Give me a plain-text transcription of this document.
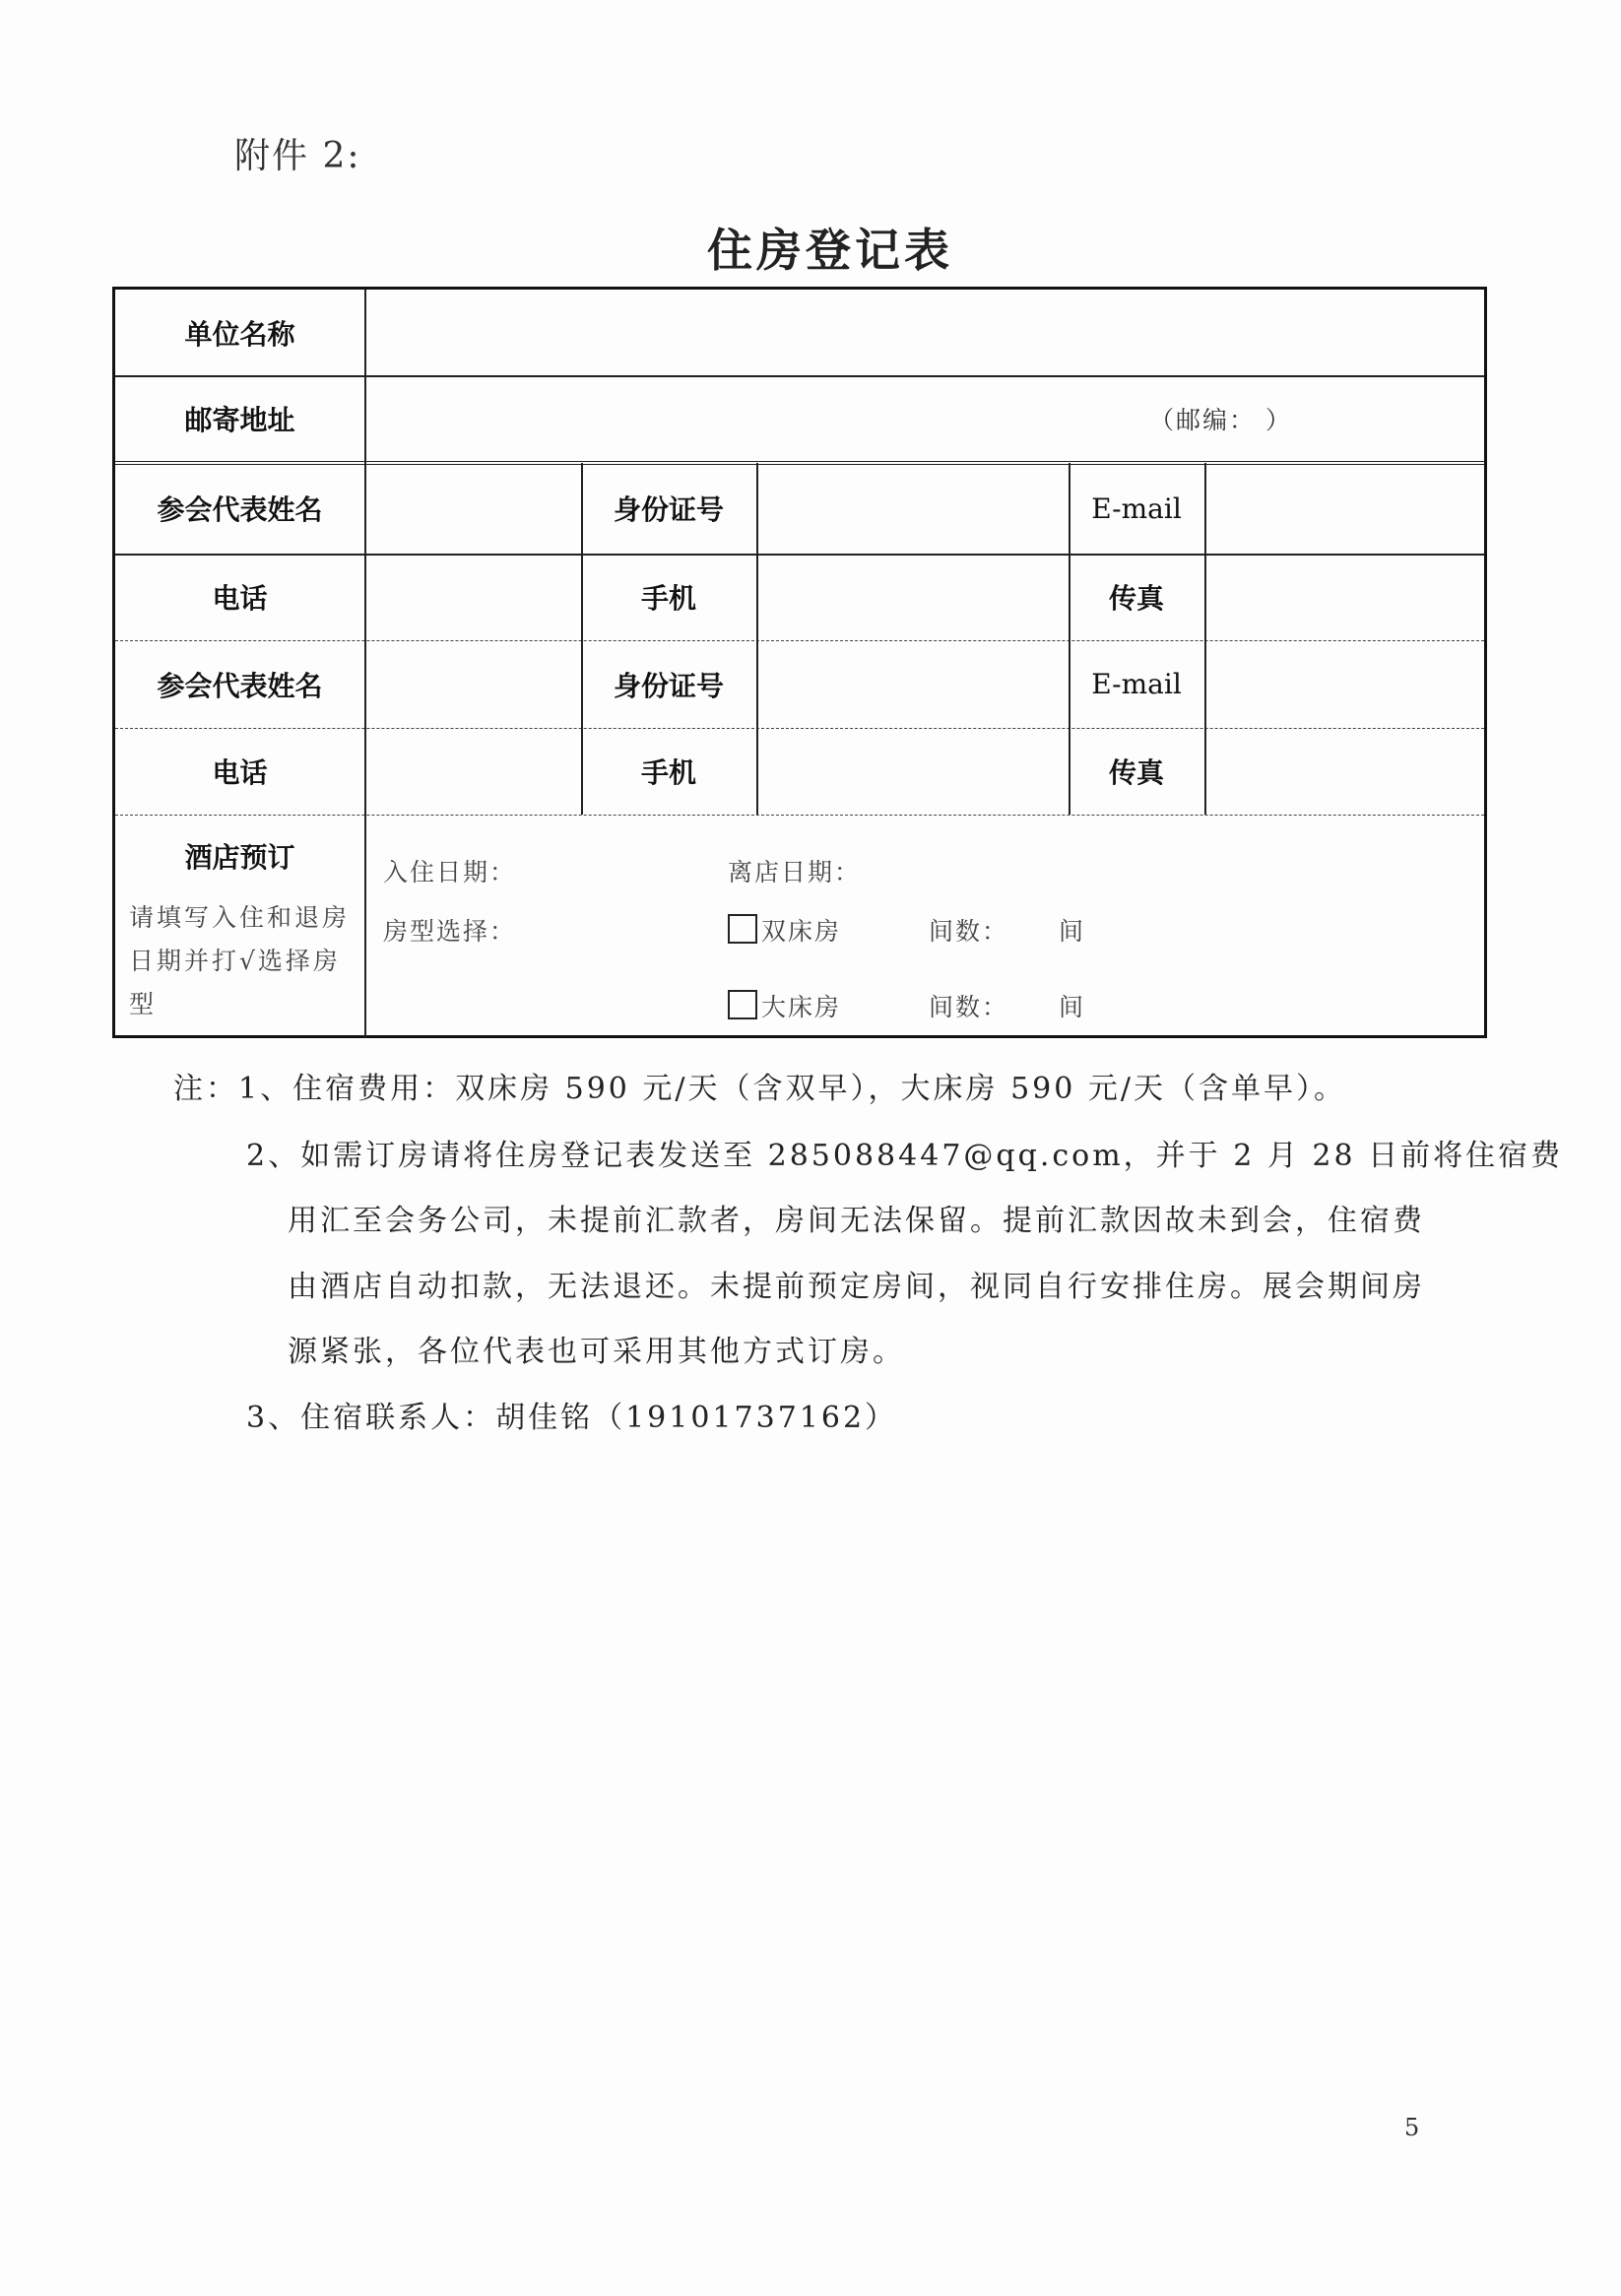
附件 2:
住房登记表
单位名称
邮寄地址	（邮编： ）
参会代表姓名	身份证号	E-mail
电话	手机	传真
参会代表姓名	身份证号	E-mail
电话	手机	传真
酒店预订
请填写入住和退房日期并打√选择房型
入住日期：	离店日期：
房型选择：	双床房	间数： 间
大床房	间数： 间
注：1、住宿费用：双床房 590 元/天（含双早），大床房 590 元/天（含单早）。
2、如需订房请将住房登记表发送至 285088447@qq.com，并于 2 月 28 日前将住宿费
用汇至会务公司，未提前汇款者，房间无法保留。提前汇款因故未到会，住宿费
由酒店自动扣款，无法退还。未提前预定房间，视同自行安排住房。展会期间房
源紧张，各位代表也可采用其他方式订房。
3、住宿联系人：胡佳铭（19101737162）
5
